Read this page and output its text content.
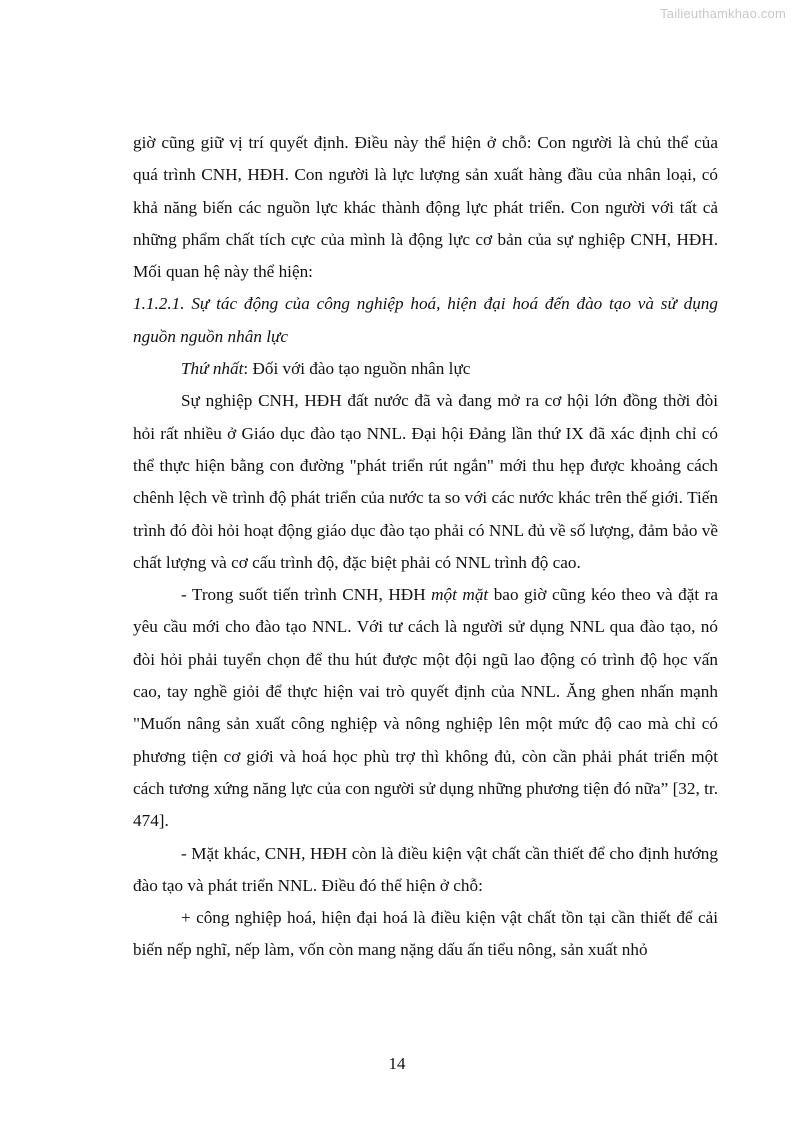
Tailieuthamkhao.com

giờ cũng giữ vị trí quyết định. Điều này thể hiện ở chỗ: Con người là chủ thể của quá trình CNH, HĐH. Con người là lực lượng sản xuất hàng đầu của nhân loại, có khả năng biến các nguồn lực khác thành động lực phát triển. Con người với tất cả những phẩm chất tích cực của mình là động lực cơ bản của sự nghiệp CNH, HĐH. Mối quan hệ này thể hiện:

1.1.2.1. Sự tác động của công nghiệp hoá, hiện đại hoá đến đào tạo và sử dụng nguồn nguồn nhân lực

Thứ nhất: Đối với đào tạo nguồn nhân lực

Sự nghiệp CNH, HĐH đất nước đã và đang mở ra cơ hội lớn đồng thời đòi hỏi rất nhiều ở Giáo dục đào tạo NNL. Đại hội Đảng lần thứ IX đã xác định chỉ có thể thực hiện bằng con đường "phát triển rút ngắn" mới thu hẹp được khoảng cách chênh lệch về trình độ phát triển của nước ta so với các nước khác trên thế giới. Tiến trình đó đòi hỏi hoạt động giáo dục đào tạo phải có NNL đủ về số lượng, đảm bảo về chất lượng và cơ cấu trình độ, đặc biệt phải có NNL trình độ cao.

- Trong suốt tiến trình CNH, HĐH một mặt bao giờ cũng kéo theo và đặt ra yêu cầu mới cho đào tạo NNL. Với tư cách là người sử dụng NNL qua đào tạo, nó đòi hỏi phải tuyển chọn để thu hút được một đội ngũ lao động có trình độ học vấn cao, tay nghề giỏi để thực hiện vai trò quyết định của NNL. Ăng ghen nhấn mạnh "Muốn nâng sản xuất công nghiệp và nông nghiệp lên một mức độ cao mà chỉ có phương tiện cơ giới và hoá học phù trợ thì không đủ, còn cần phải phát triển một cách tương xứng năng lực của con người sử dụng những phương tiện đó nữa” [32, tr. 474].

- Mặt khác, CNH, HĐH còn là điều kiện vật chất cần thiết để cho định hướng đào tạo và phát triển NNL. Điều đó thể hiện ở chỗ:

+ công nghiệp hoá, hiện đại hoá là điều kiện vật chất tồn tại cần thiết để cải biến nếp nghĩ, nếp làm, vốn còn mang nặng dấu ấn tiểu nông, sản xuất nhỏ

14
